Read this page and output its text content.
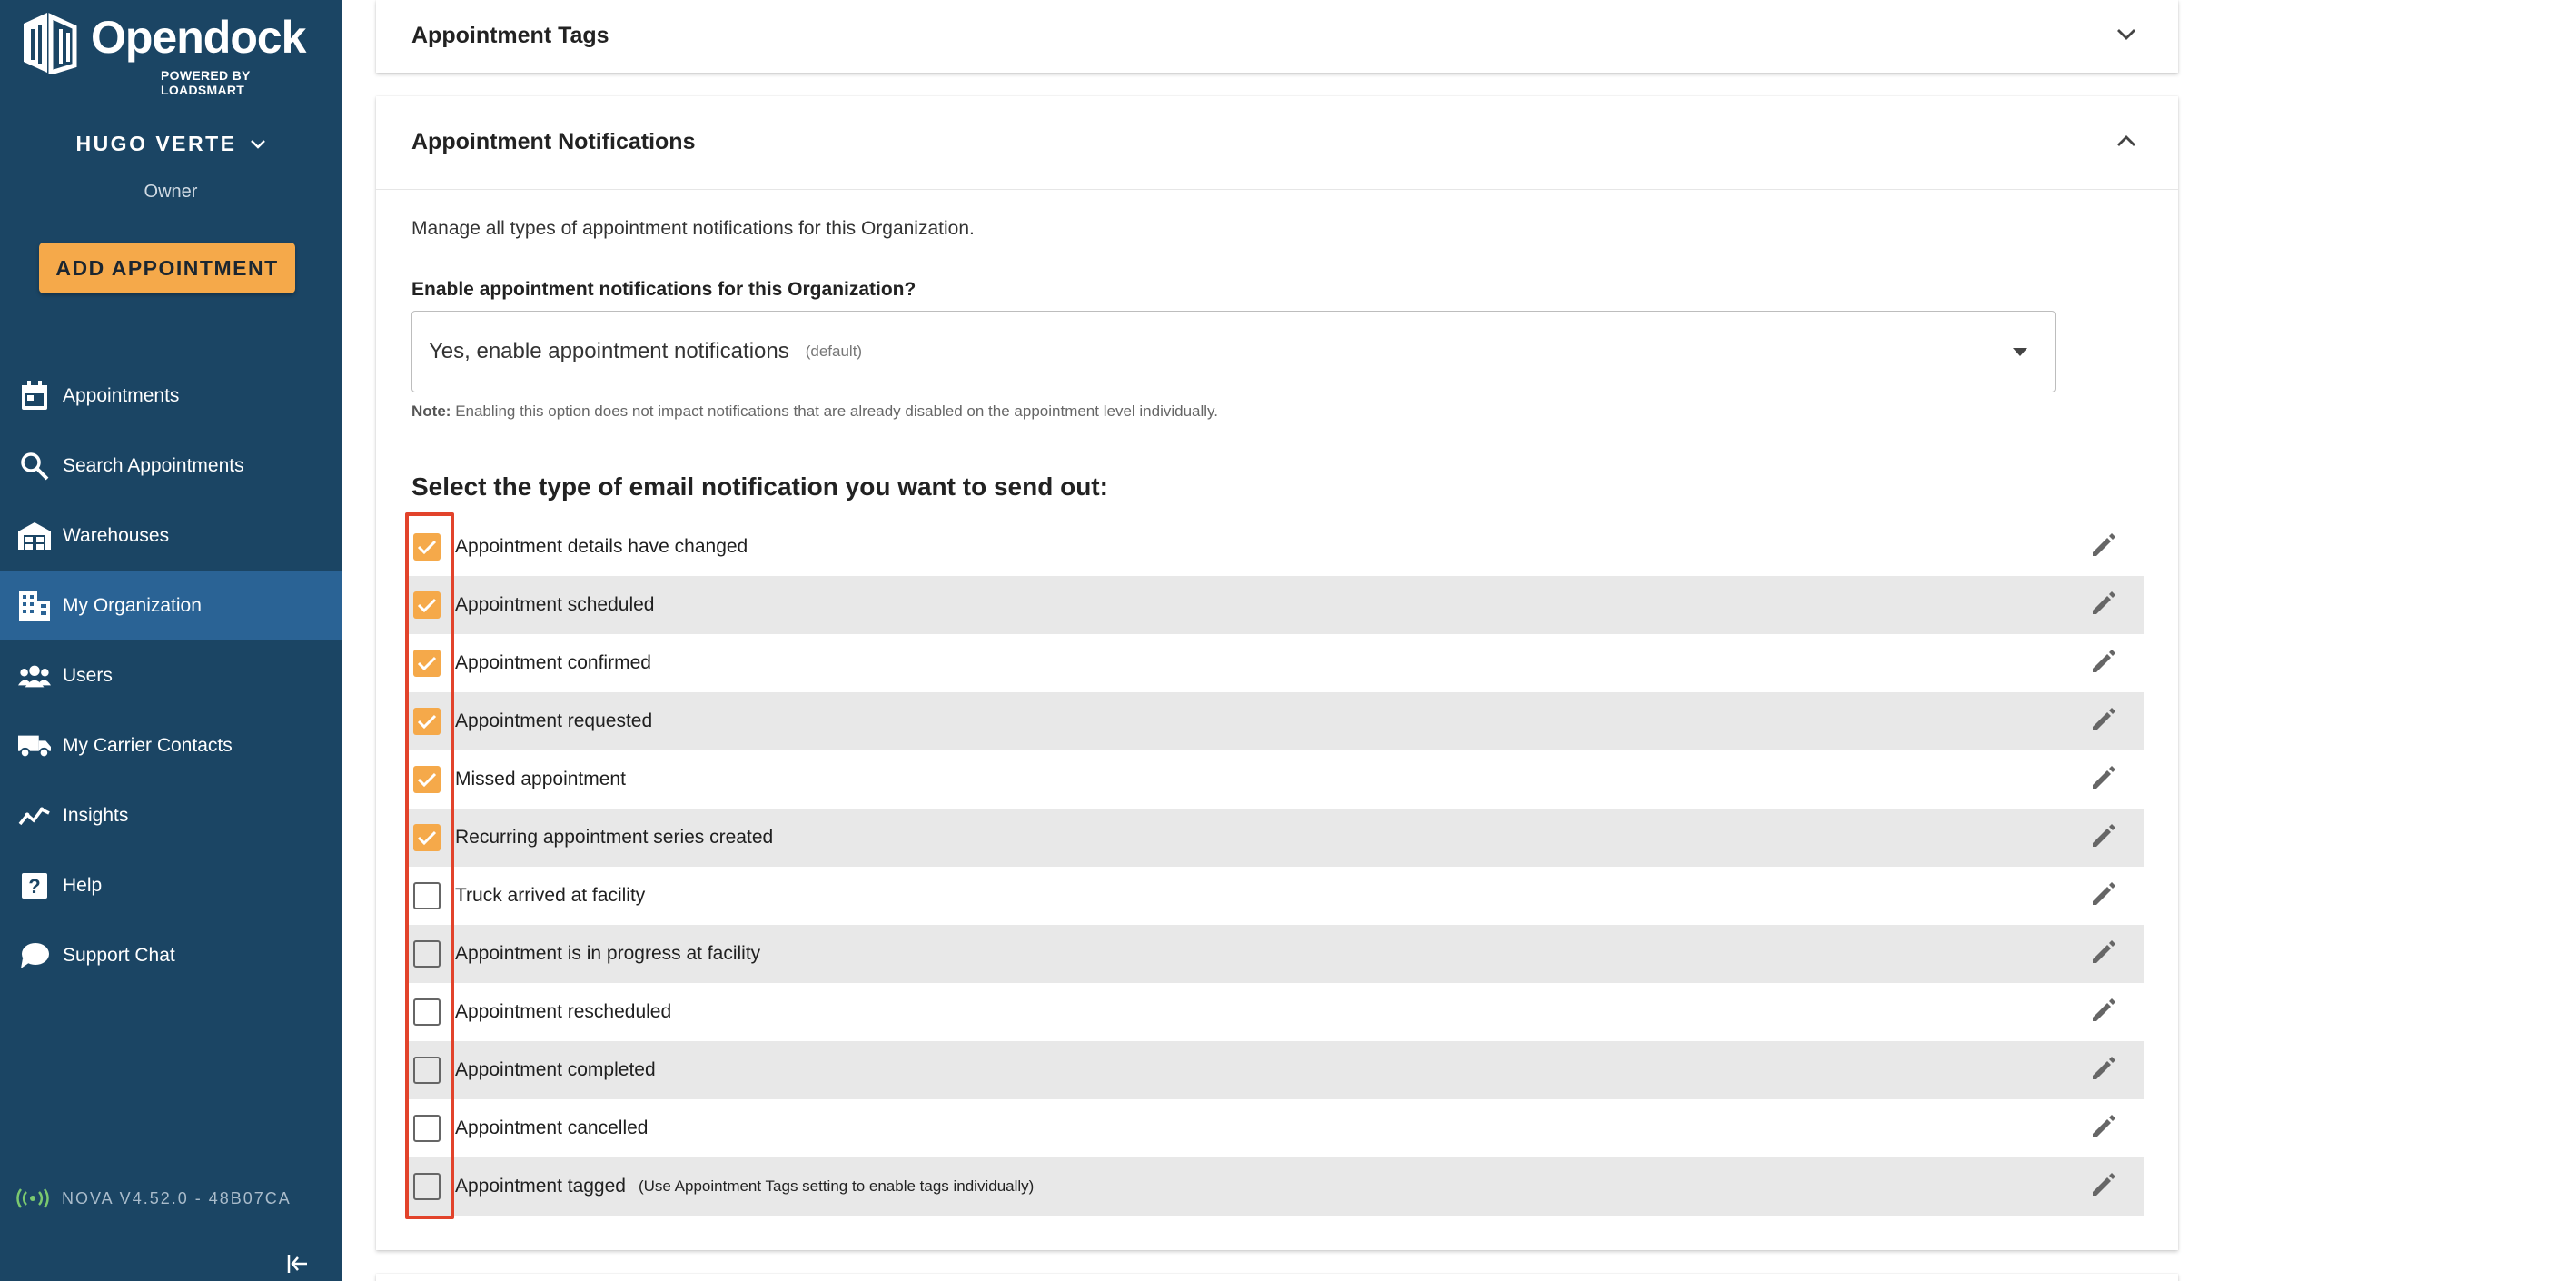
Opendock
POWERED BY LOADSMART
HUGO VERTE
Owner
ADD APPOINTMENT
Appointments
Search Appointments
Warehouses
My Organization
Users
My Carrier Contacts
Insights
? Help
Support Chat
NOVA V4.52.0 - 48B07CA
Appointment Tags
Appointment Notifications
Manage all types of appointment notifications for this Organization.
Enable appointment notifications for this Organization?
Yes, enable appointment notifications (default)
Note: Enabling this option does not impact notifications that are already disabled on the appointment level individually.
Select the type of email notification you want to send out:
Appointment details have changed
Appointment scheduled
Appointment confirmed
Appointment requested
Missed appointment
Recurring appointment series created
Truck arrived at facility
Appointment is in progress at facility
Appointment rescheduled
Appointment completed
Appointment cancelled
Appointment tagged (Use Appointment Tags setting to enable tags individually)
